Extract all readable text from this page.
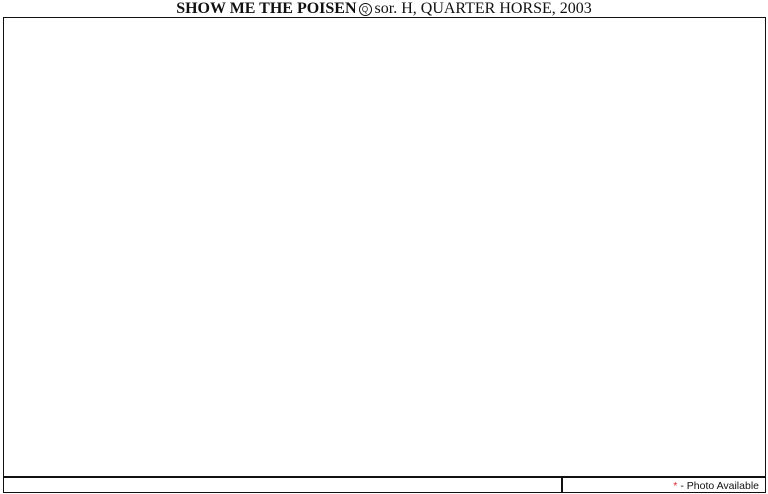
SHOW ME THE POISEN Q sor. H, QUARTER HORSE, 2003
* - Photo Available
